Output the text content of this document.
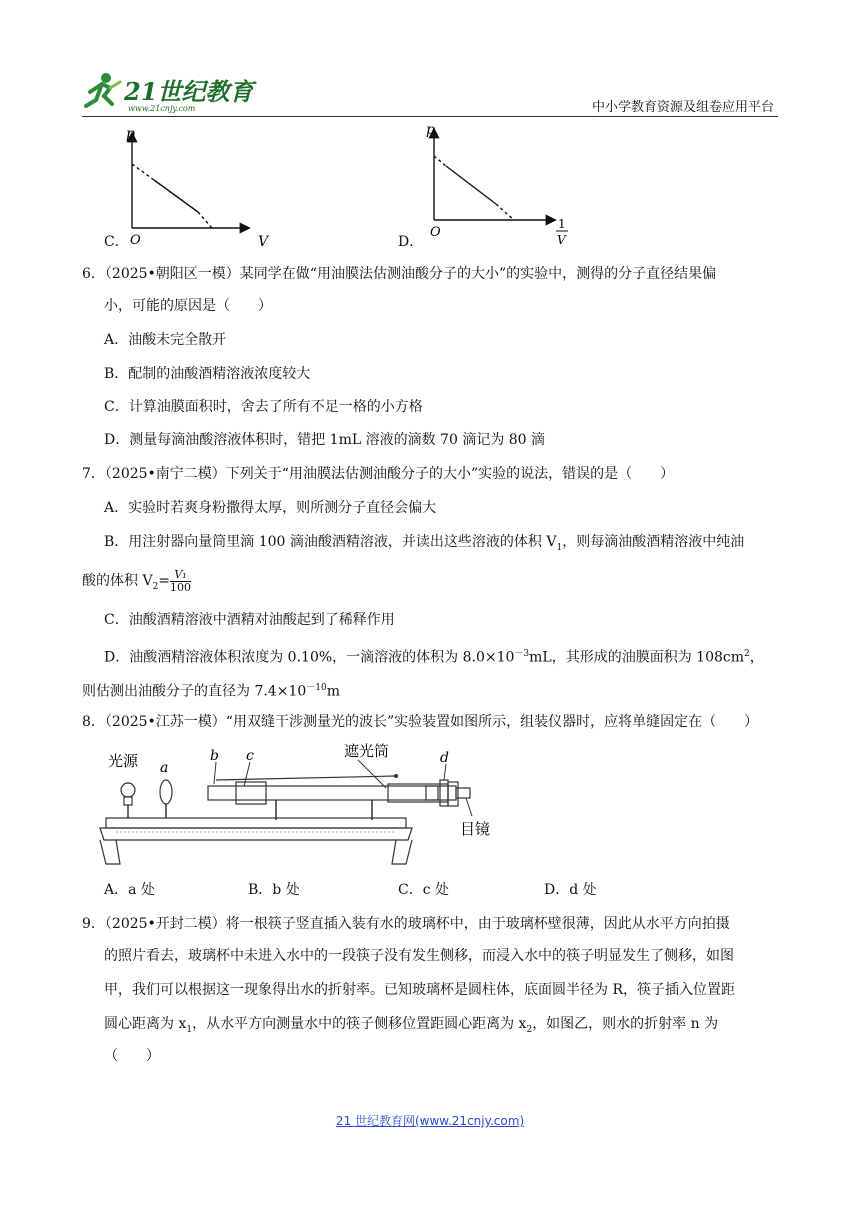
21世纪教育
www.21cnjy.com	中小学教育资源及组卷应用平台
C．
p
O	V	D．
p
O
1
V
6．（2025•朝阳区一模）某同学在做“用油膜法估测油酸分子的大小”的实验中，测得的分子直径结果偏
小，可能的原因是（　　）
A．油酸未完全散开
B．配制的油酸酒精溶液浓度较大
C．计算油膜面积时，舍去了所有不足一格的小方格
D．测量每滴油酸溶液体积时，错把 1mL 溶液的滴数 70 滴记为 80 滴
7．（2025•南宁二模）下列关于“用油膜法估测油酸分子的大小”实验的说法，错误的是（　　）
A．实验时若爽身粉撒得太厚，则所测分子直径会偏大
B．用注射器向量筒里滴 100 滴油酸酒精溶液，并读出这些溶液的体积 $V_1$，则每滴油酸酒精溶液中纯油
酸的体积 $V_2= \frac{\text{V₁}}{100}$
C．油酸酒精溶液中酒精对油酸起到了稀释作用
D．油酸酒精溶液体积浓度为 0.10%，一滴溶液的体积为 $8.0\times 10^{-3}mL$，其形成的油膜面积为 $108cm^2$，
则估测出油酸分子的直径为 $7.4\times 10^{-10}m$
8．（2025•江苏一模）“用双缝干涉测量光的波长”实验装置如图所示，组装仪器时，应将单缝固定在（　　）
光源 a
b c	遮光筒	d
目镜
A．a 处	B．b 处	C．c 处	D．d 处
9．（2025•开封二模）将一根筷子竖直插入装有水的玻璃杯中，由于玻璃杯壁很薄，因此从水平方向拍摄
的照片看去，玻璃杯中未进入水中的一段筷子没有发生侧移，而浸入水中的筷子明显发生了侧移，如图
甲，我们可以根据这一现象得出水的折射率。已知玻璃杯是圆柱体，底面圆半径为 R，筷子插入位置距
圆心距离为 $x_1$，从水平方向测量水中的筷子侧移位置距圆心距离为 $x_2$，如图乙，则水的折射率 n 为
（　　）
21 世纪教育网(www.21cnjy.com)
